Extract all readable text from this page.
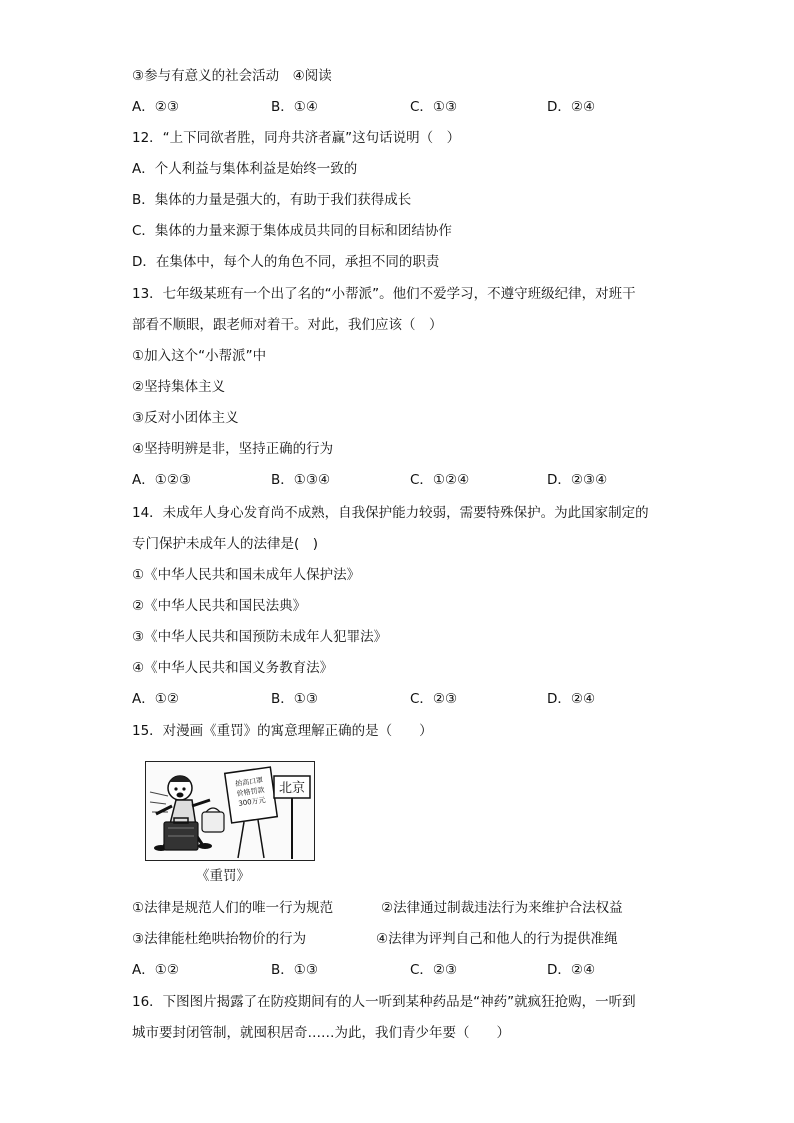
③参与有意义的社会活动　④阅读
A．②③	B．①④	C．①③	D．②④
12．“上下同欲者胜，同舟共济者赢”这句话说明（　）
A．个人利益与集体利益是始终一致的
B．集体的力量是强大的，有助于我们获得成长
C．集体的力量来源于集体成员共同的目标和团结协作
D．在集体中，每个人的角色不同，承担不同的职责
13．七年级某班有一个出了名的“小帮派”。他们不爱学习，不遵守班级纪律，对班干
部看不顺眼，跟老师对着干。对此，我们应该（　）
①加入这个“小帮派”中
②坚持集体主义
③反对小团体主义
④坚持明辨是非，坚持正确的行为
A．①②③	B．①③④	C．①②④	D．②③④
14．未成年人身心发育尚不成熟，自我保护能力较弱，需要特殊保护。为此国家制定的
专门保护未成年人的法律是(　)
①《中华人民共和国未成年人保护法》
②《中华人民共和国民法典》
③《中华人民共和国预防未成年人犯罪法》
④《中华人民共和国义务教育法》
A．①②	B．①③	C．②③	D．②④
15．对漫画《重罚》的寓意理解正确的是（　　）
抬高口罩
价格罚款
300万元
北京
《重罚》
①法律是规范人们的唯一行为规范	②法律通过制裁违法行为来维护合法权益
③法律能杜绝哄抬物价的行为	④法律为评判自己和他人的行为提供准绳
A．①②	B．①③	C．②③	D．②④
16．下图图片揭露了在防疫期间有的人一听到某种药品是“神药”就疯狂抢购，一听到
城市要封闭管制，就囤积居奇……为此，我们青少年要（　　）
